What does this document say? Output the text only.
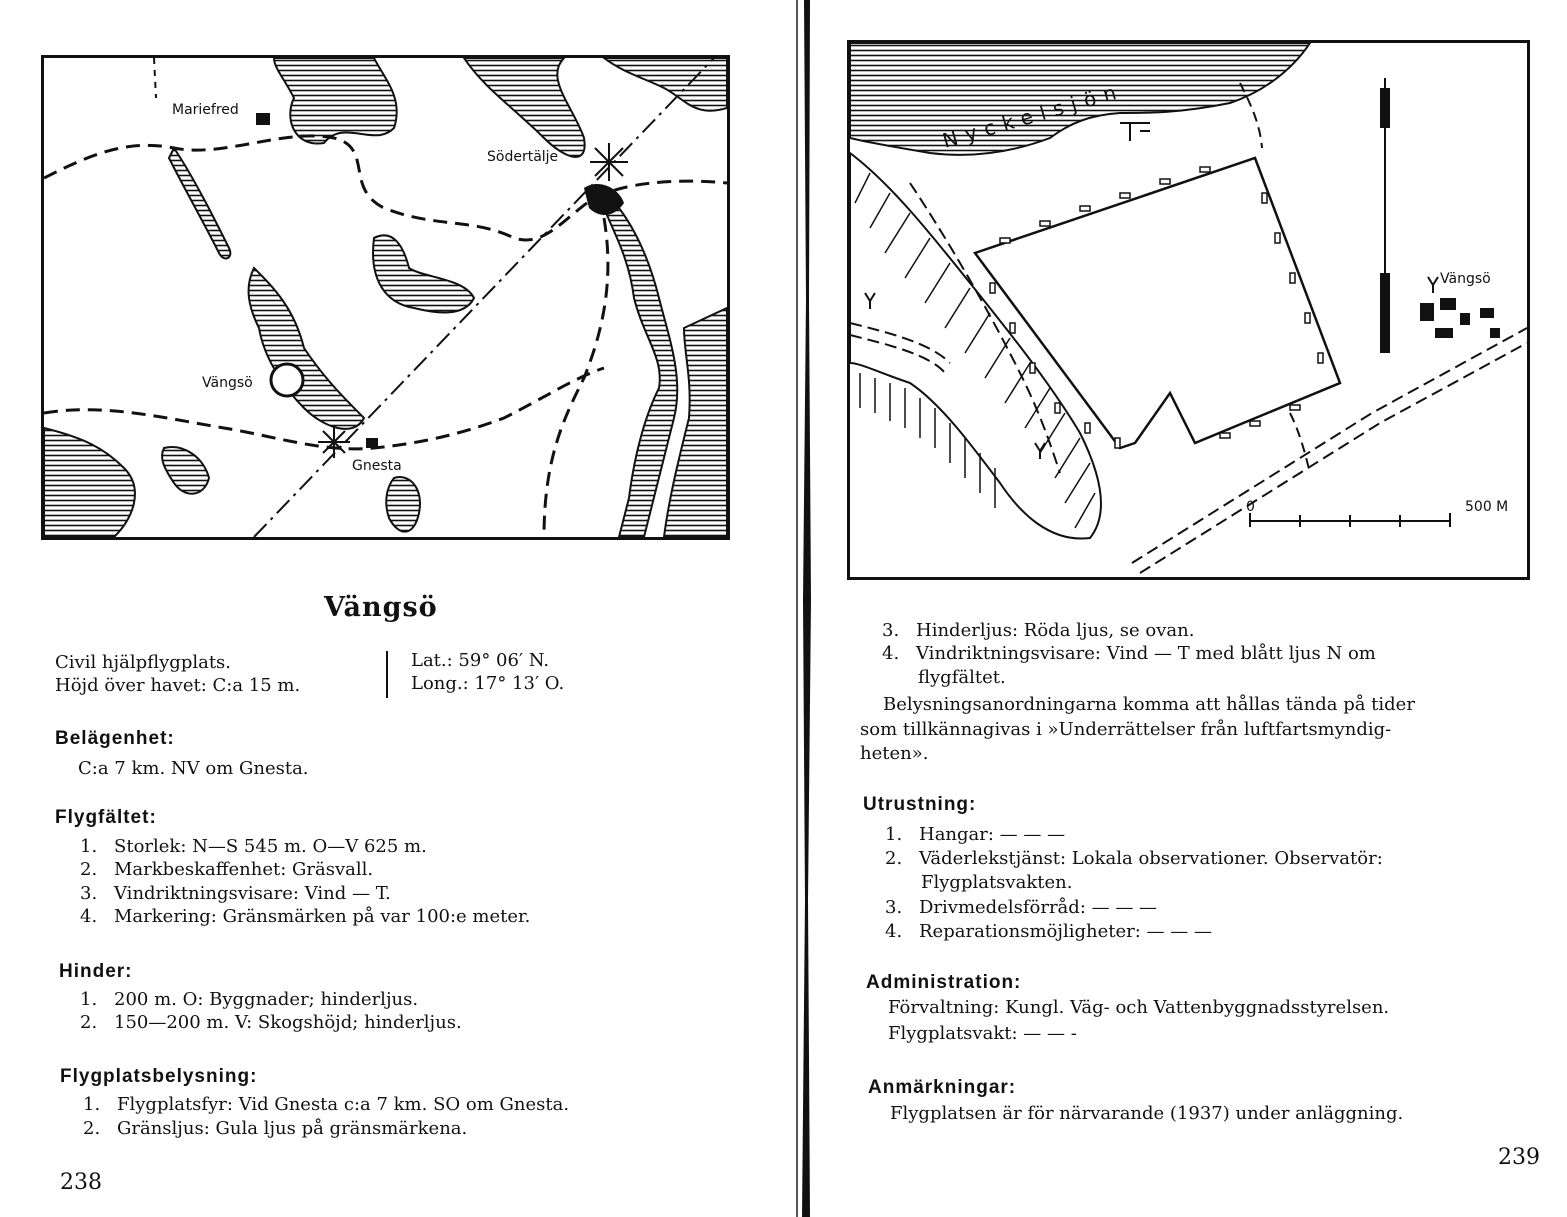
Mariefred
Södertälje
Vängsö
Gnesta
Vängsö
Civil hjälpflygplats.
Höjd över havet: C:a 15 m.
Lat.: 59° 06′ N.
Long.: 17° 13′ O.
Belägenhet:
C:a 7 km. NV om Gnesta.
Flygfältet:
1. Storlek: N—S 545 m. O—V 625 m.
2. Markbeskaffenhet: Gräsvall.
3. Vindriktningsvisare: Vind — T.
4. Markering: Gränsmärken på var 100:e meter.
Hinder:
1. 200 m. O: Byggnader; hinderljus.
2. 150—200 m. V: Skogshöjd; hinderljus.
Flygplatsbelysning:
1. Flygplatsfyr: Vid Gnesta c:a 7 km. SO om Gnesta.
2. Gränsljus: Gula ljus på gränsmärkena.
238
0	500 M
Vängsö
Nyckelsjön
3. Hinderljus: Röda ljus, se ovan.
4. Vindriktningsvisare: Vind — T med blått ljus N om
flygfältet.
Belysningsanordningarna komma att hållas tända på tider
som tillkännagivas i »Underrättelser från luftfartsmyndig-
heten».
Utrustning:
1. Hangar: — — —
2. Väderlekstjänst: Lokala observationer. Observatör:
Flygplatsvakten.
3. Drivmedelsförråd: — — —
4. Reparationsmöjligheter: — — —
Administration:
Förvaltning: Kungl. Väg- och Vattenbyggnadsstyrelsen.
Flygplatsvakt: — — -
Anmärkningar:
Flygplatsen är för närvarande (1937) under anläggning.
239
